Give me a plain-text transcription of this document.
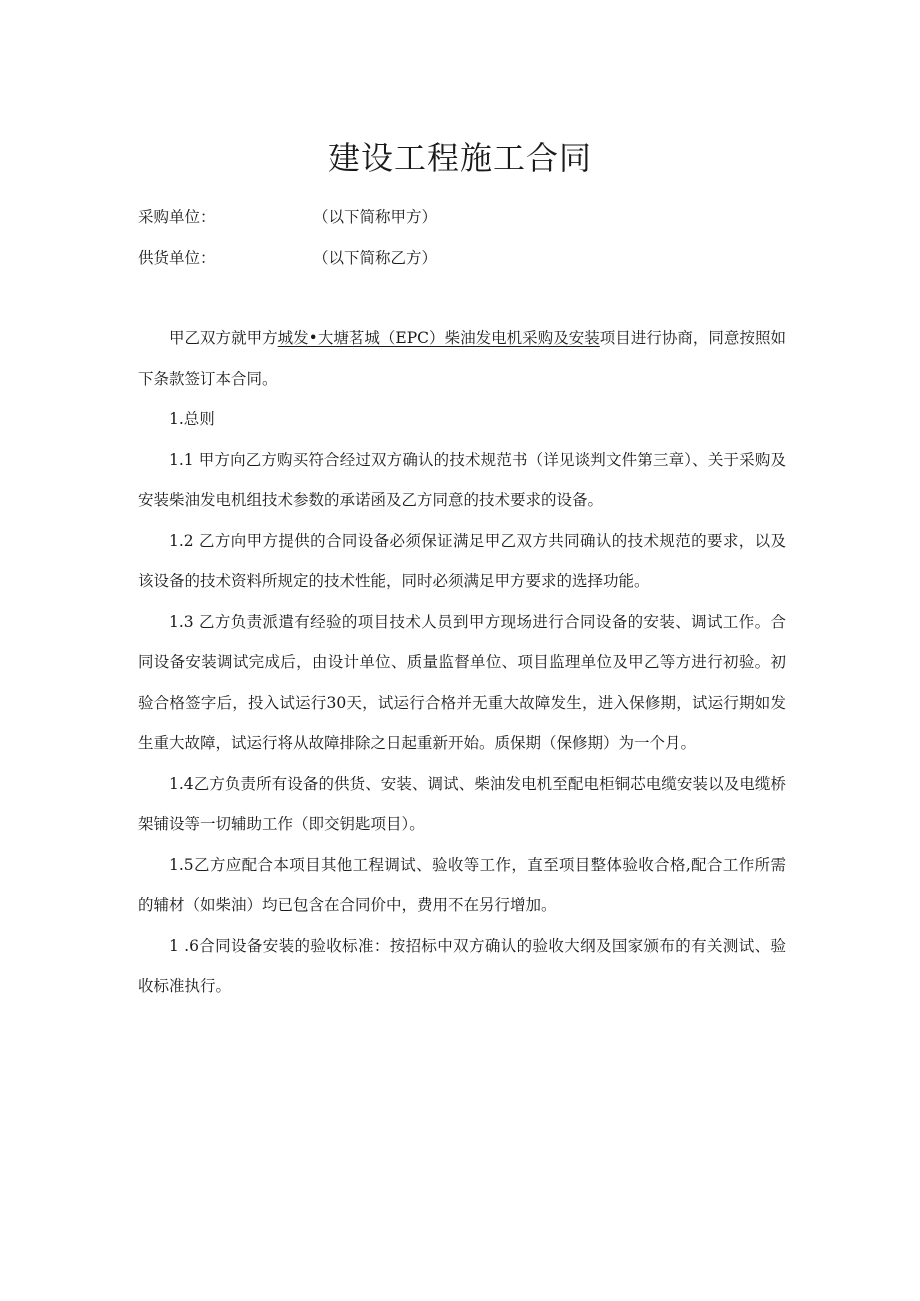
建设工程施工合同
采购单位：	（以下简称甲方）
供货单位：	（以下简称乙方）

甲乙双方就甲方城发•大塘茗城（EPC）柴油发电机采购及安装项目进行协商，同意按照如下条款签订本合同。

1.总则

1.1 甲方向乙方购买符合经过双方确认的技术规范书（详见谈判文件第三章）、关于采购及安装柴油发电机组技术参数的承诺函及乙方同意的技术要求的设备。

1.2 乙方向甲方提供的合同设备必须保证满足甲乙双方共同确认的技术规范的要求，以及该设备的技术资料所规定的技术性能，同时必须满足甲方要求的选择功能。

1.3 乙方负责派遣有经验的项目技术人员到甲方现场进行合同设备的安装、调试工作。合同设备安装调试完成后，由设计单位、质量监督单位、项目监理单位及甲乙等方进行初验。初验合格签字后，投入试运行30天，试运行合格并无重大故障发生，进入保修期，试运行期如发生重大故障，试运行将从故障排除之日起重新开始。质保期（保修期）为一个月。

1.4乙方负责所有设备的供货、安装、调试、柴油发电机至配电柜铜芯电缆安装以及电缆桥架铺设等一切辅助工作（即交钥匙项目）。

1.5乙方应配合本项目其他工程调试、验收等工作，直至项目整体验收合格,配合工作所需的辅材（如柴油）均已包含在合同价中，费用不在另行增加。

1 .6合同设备安装的验收标准：按招标中双方确认的验收大纲及国家颁布的有关测试、验收标准执行。
